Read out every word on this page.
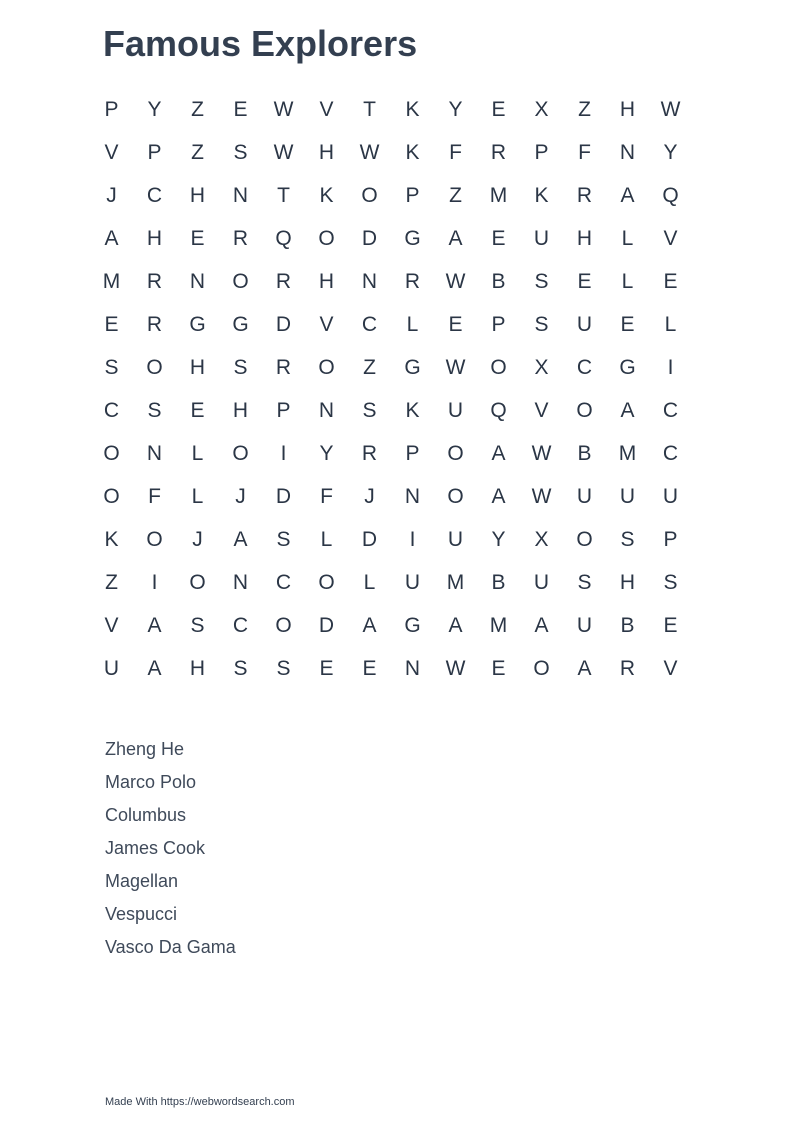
Famous Explorers
P	Y	Z	E	W	V	T	K	Y	E	X	Z	H	W
V	P	Z	S	W	H	W	K	F	R	P	F	N	Y
J	C	H	N	T	K	O	P	Z	M	K	R	A	Q
A	H	E	R	Q	O	D	G	A	E	U	H	L	V
M	R	N	O	R	H	N	R	W	B	S	E	L	E
E	R	G	G	D	V	C	L	E	P	S	U	E	L
S	O	H	S	R	O	Z	G	W	O	X	C	G	I
C	S	E	H	P	N	S	K	U	Q	V	O	A	C
O	N	L	O	I	Y	R	P	O	A	W	B	M	C
O	F	L	J	D	F	J	N	O	A	W	U	U	U
K	O	J	A	S	L	D	I	U	Y	X	O	S	P
Z	I	O	N	C	O	L	U	M	B	U	S	H	S
V	A	S	C	O	D	A	G	A	M	A	U	B	E
U	A	H	S	S	E	E	N	W	E	O	A	R	V
Zheng He
Marco Polo
Columbus
James Cook
Magellan
Vespucci
Vasco Da Gama
Made With https://webwordsearch.com
